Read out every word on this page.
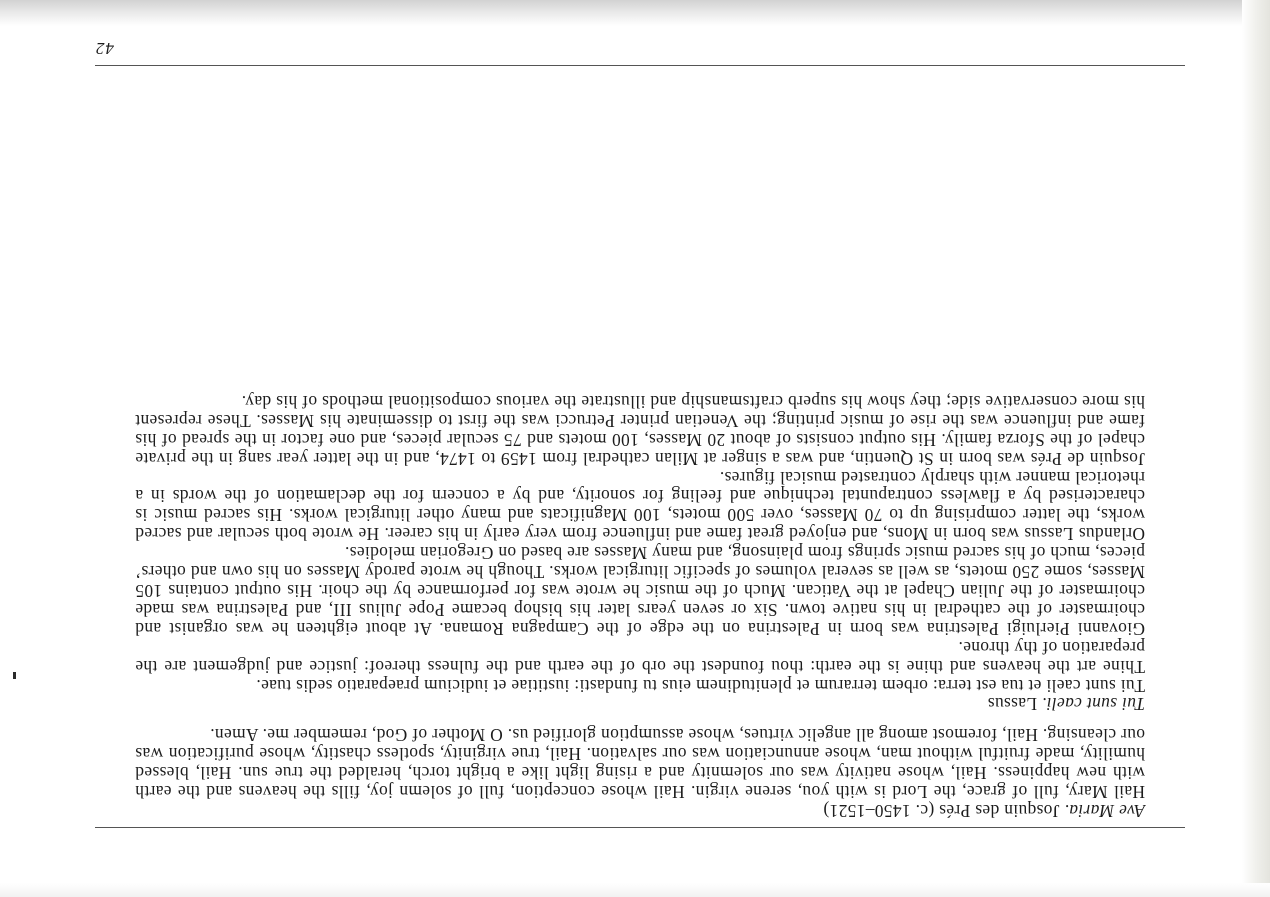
Ave Maria. Josquin des Prés (c. 1450–1521)

Hail Mary, full of grace, the Lord is with you, serene virgin. Hail whose conception, full of solemn joy, fills the heavens and the earth with new happiness. Hail, whose nativity was our solemnity and a rising light like a bright torch, heralded the true sun. Hail, blessed humility, made fruitful without man, whose annunciation was our salvation. Hail, true virginity, spotless chastity, whose purification was our cleansing. Hail, foremost among all angelic virtues, whose assumption glorified us. O Mother of God, remember me. Amen.

Tui sunt caeli. Lassus

Tui sunt caeli et tua est terra: orbem terrarum et plenitudinem eius tu fundasti: iustitiae et iudicium praeparatio sedis tuae.

Thine art the heavens and thine is the earth: thou foundest the orb of the earth and the fulness thereof: justice and judgement are the preparation of thy throne.

Giovanni Pierluigi Palestrina was born in Palestrina on the edge of the Campagna Romana. At about eighteen he was organist and choirmaster of the cathedral in his native town. Six or seven years later his bishop became Pope Julius III, and Palestrina was made choirmaster of the Julian Chapel at the Vatican. Much of the music he wrote was for performance by the choir. His output contains 105 Masses, some 250 motets, as well as several volumes of specific liturgical works. Though he wrote parody Masses on his own and others’ pieces, much of his sacred music springs from plainsong, and many Masses are based on Gregorian melodies.

Orlandus Lassus was born in Mons, and enjoyed great fame and influence from very early in his career. He wrote both secular and sacred works, the latter comprising up to 70 Masses, over 500 motets, 100 Magnificats and many other liturgical works. His sacred music is characterised by a flawless contrapuntal technique and feeling for sonority, and by a concern for the declamation of the words in a rhetorical manner with sharply contrasted musical figures.

Josquin de Prés was born in St Quentin, and was a singer at Milan cathedral from 1459 to 1474, and in the latter year sang in the private chapel of the Sforza family. His output consists of about 20 Masses, 100 motets and 75 secular pieces, and one factor in the spread of his fame and influence was the rise of music printing; the Venetian printer Petrucci was the first to disseminate his Masses. These represent his more conservative side; they show his superb craftsmanship and illustrate the various compositional methods of his day.

42
